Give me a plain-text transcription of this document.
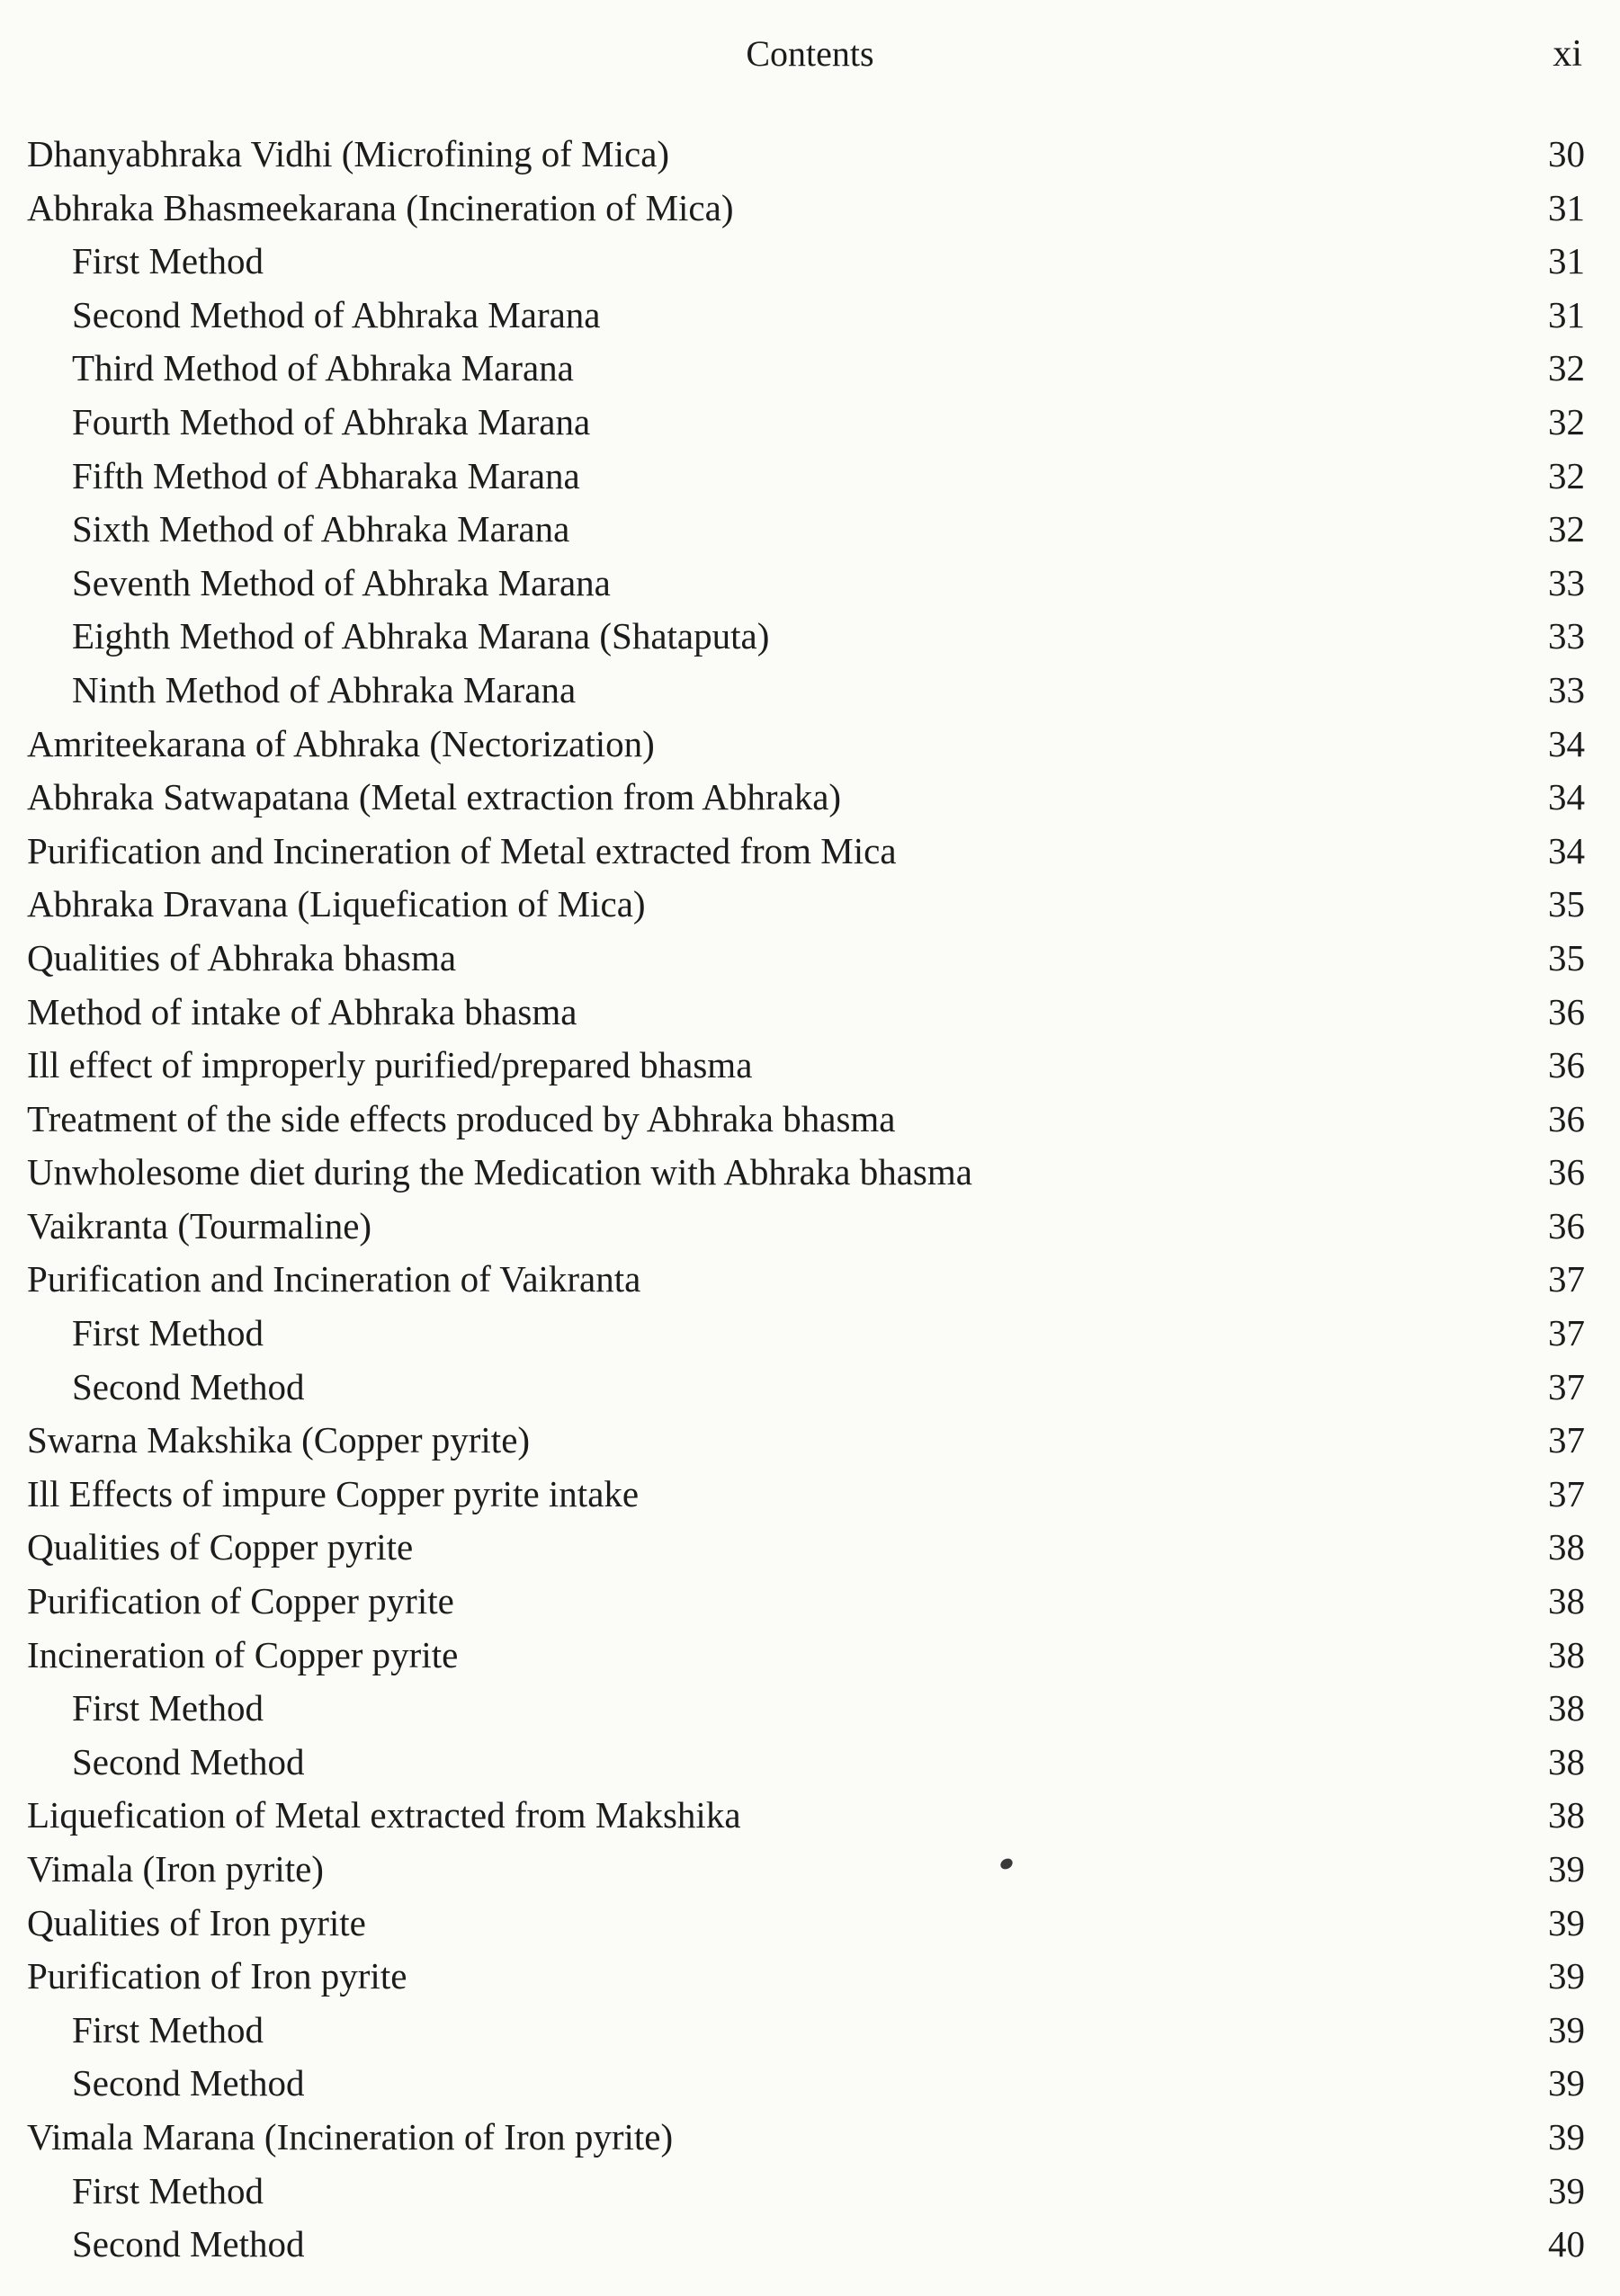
Contents	xi
Dhanyabhraka Vidhi (Microfining of Mica)	30
Abhraka Bhasmeekarana (Incineration of Mica)	31
First Method	31
Second Method of Abhraka Marana	31
Third Method of Abhraka Marana	32
Fourth Method of Abhraka Marana	32
Fifth Method of Abharaka Marana	32
Sixth Method of Abhraka Marana	32
Seventh Method of Abhraka Marana	33
Eighth Method of Abhraka Marana (Shataputa)	33
Ninth Method of Abhraka Marana	33
Amriteekarana of Abhraka (Nectorization)	34
Abhraka Satwapatana (Metal extraction from Abhraka)	34
Purification and Incineration of Metal extracted from Mica	34
Abhraka Dravana (Liquefication of Mica)	35
Qualities of Abhraka bhasma	35
Method of intake of Abhraka bhasma	36
Ill effect of improperly purified/prepared bhasma	36
Treatment of the side effects produced by Abhraka bhasma	36
Unwholesome diet during the Medication with Abhraka bhasma	36
Vaikranta (Tourmaline)	36
Purification and Incineration of Vaikranta	37
First Method	37
Second Method	37
Swarna Makshika (Copper pyrite)	37
Ill Effects of impure Copper pyrite intake	37
Qualities of Copper pyrite	38
Purification of Copper pyrite	38
Incineration of Copper pyrite	38
First Method	38
Second Method	38
Liquefication of Metal extracted from Makshika	38
Vimala (Iron pyrite)	39
Qualities of Iron pyrite	39
Purification of Iron pyrite	39
First Method	39
Second Method	39
Vimala Marana (Incineration of Iron pyrite)	39
First Method	39
Second Method	40
